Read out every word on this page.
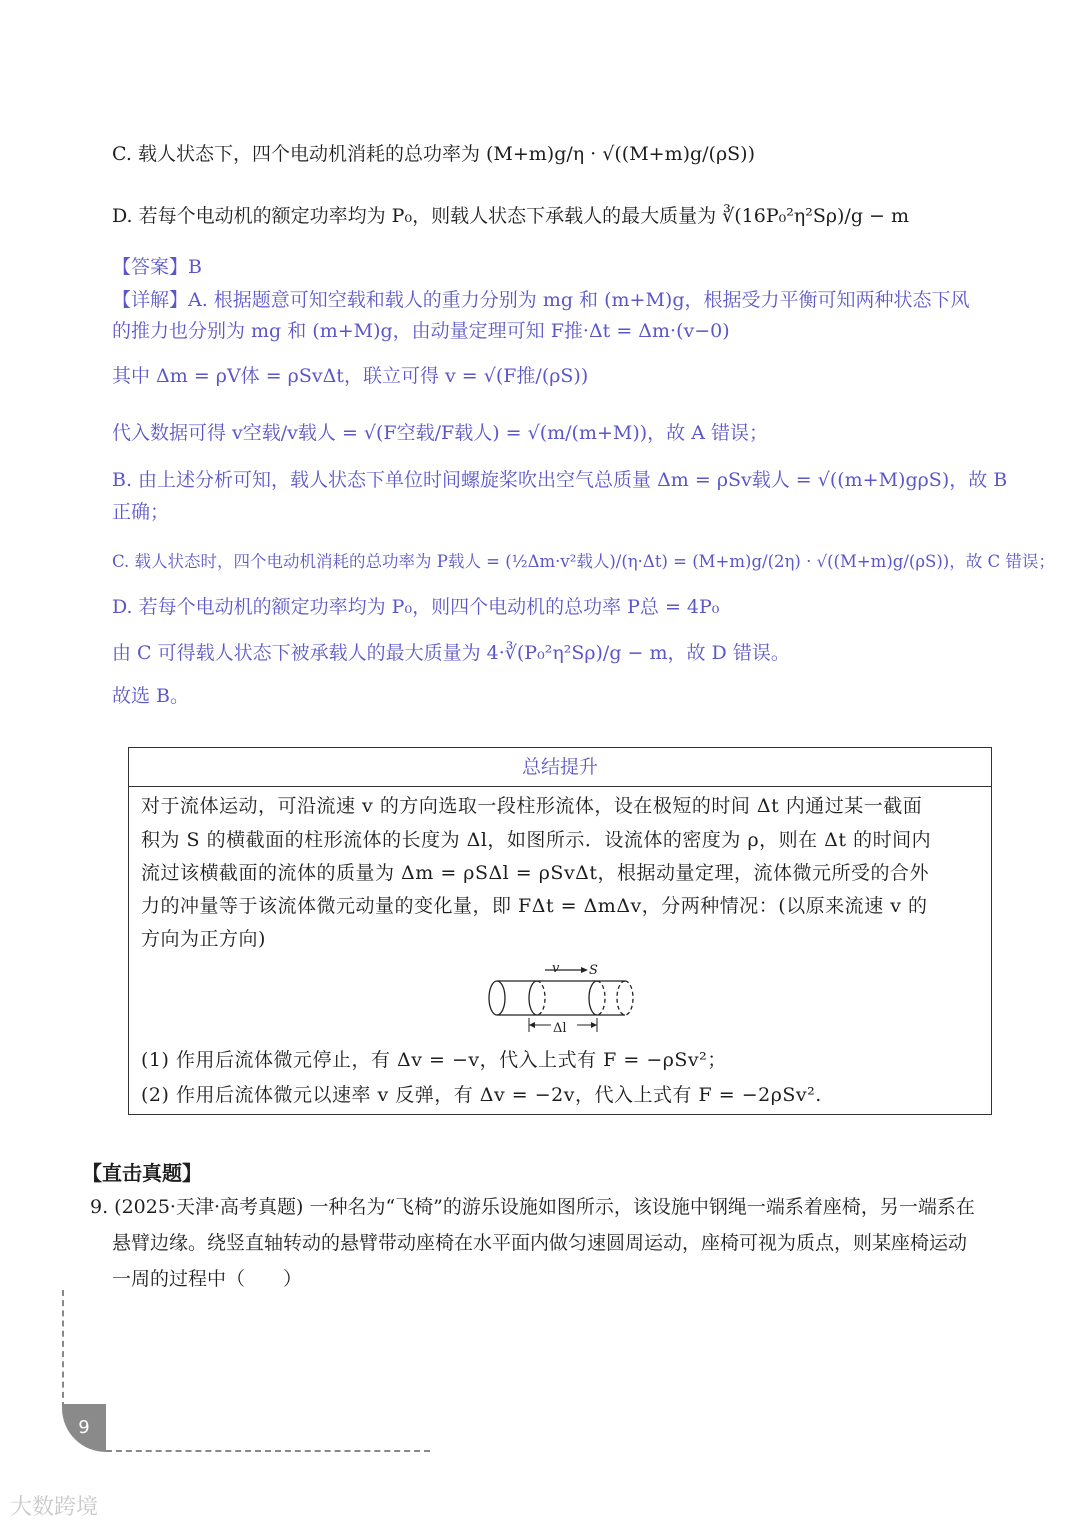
C. 载人状态下，四个电动机消耗的总功率为 (M+m)g/η · √((M+m)g/(ρS))
D. 若每个电动机的额定功率均为 P₀，则载人状态下承载人的最大质量为 ∛(16P₀²η²Sρ)/g − m
【答案】B
【详解】A. 根据题意可知空载和载人的重力分别为 mg 和 (m+M)g，根据受力平衡可知两种状态下风
的推力也分别为 mg 和 (m+M)g，由动量定理可知 F推·Δt = Δm·(v−0)
其中 Δm = ρV体 = ρSvΔt，联立可得 v = √(F推/(ρS))
代入数据可得 v空载/v载人 = √(F空载/F载人) = √(m/(m+M))，故 A 错误；
B. 由上述分析可知，载人状态下单位时间螺旋桨吹出空气总质量 Δm = ρSv载人 = √((m+M)gρS)，故 B
正确；
C. 载人状态时，四个电动机消耗的总功率为 P载人 = (½Δm·v²载人)/(η·Δt) = (M+m)g/(2η) · √((M+m)g/(ρS))，故 C 错误；
D. 若每个电动机的额定功率均为 P₀，则四个电动机的总功率 P总 = 4P₀
由 C 可得载人状态下被承载人的最大质量为 4·∛(P₀²η²Sρ)/g − m，故 D 错误。
故选 B。
总结提升
对于流体运动，可沿流速 v 的方向选取一段柱形流体，设在极短的时间 Δt 内通过某一截面
积为 S 的横截面的柱形流体的长度为 Δl，如图所示．设流体的密度为 ρ，则在 Δt 的时间内
流过该横截面的流体的质量为 Δm = ρSΔl = ρSvΔt，根据动量定理，流体微元所受的合外
力的冲量等于该流体微元动量的变化量，即 FΔt = ΔmΔv，分两种情况：(以原来流速 v 的
方向为正方向)
v S
Δl
(1) 作用后流体微元停止，有 Δv = −v，代入上式有 F = −ρSv²；
(2) 作用后流体微元以速率 v 反弹，有 Δv = −2v，代入上式有 F = −2ρSv².
【直击真题】
9. (2025·天津·高考真题) 一种名为“飞椅”的游乐设施如图所示，该设施中钢绳一端系着座椅，另一端系在
悬臂边缘。绕竖直轴转动的悬臂带动座椅在水平面内做匀速圆周运动，座椅可视为质点，则某座椅运动
一周的过程中（　　）
9
大数跨境
